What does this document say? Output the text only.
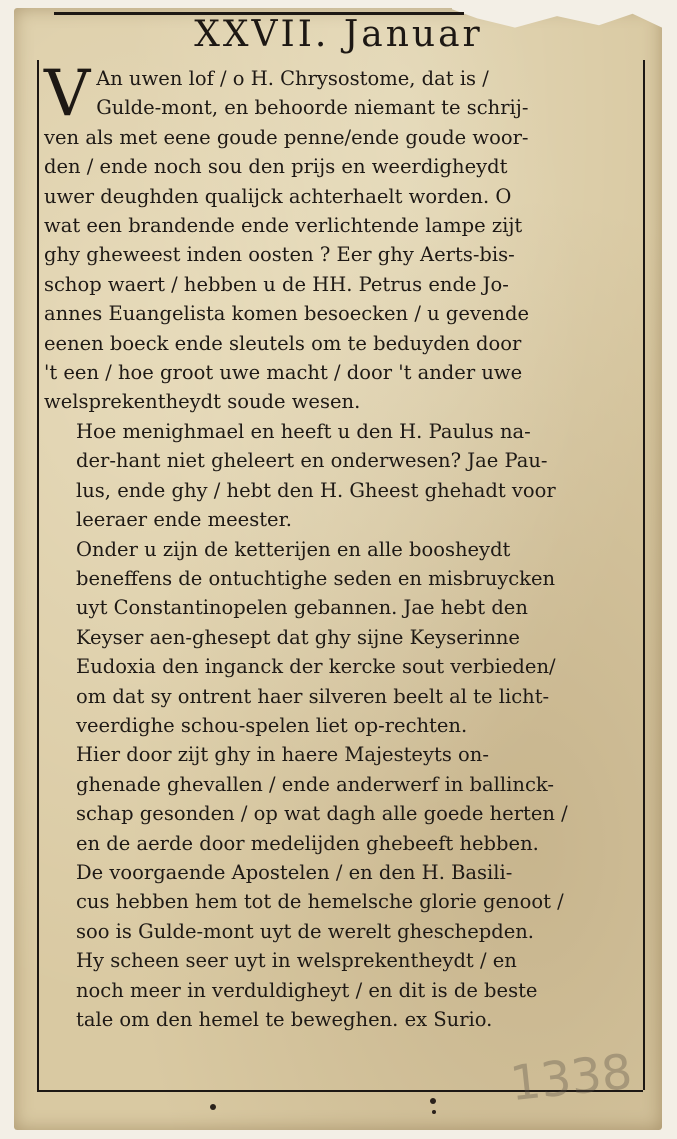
XXVII. Januar
V An uwen lof / o H. Chrysostome, dat is /
Gulde-mont, en behoorde niemant te schrij-
ven als met eene goude penne/ende goude woor-
den / ende noch sou den prijs en weerdigheydt
uwer deughden qualijck achterhaelt worden. O
wat een brandende ende verlichtende lampe zijt
ghy gheweest inden oosten ? Eer ghy Aerts-bis-
schop waert / hebben u de HH. Petrus ende Jo-
annes Euangelista komen besoecken / u gevende
eenen boeck ende sleutels om te beduyden door
't een / hoe groot uwe macht / door 't ander uwe
welsprekentheydt soude wesen.
Hoe menighmael en heeft u den H. Paulus na-
der-hant niet gheleert en onderwesen? Jae Pau-
lus, ende ghy / hebt den H. Gheest ghehadt voor
leeraer ende meester.
Onder u zijn de ketterijen en alle boosheydt
beneffens de ontuchtighe seden en misbruycken
uyt Constantinopelen gebannen. Jae hebt den
Keyser aen-ghesept dat ghy sijne Keyserinne
Eudoxia den inganck der kercke sout verbieden/
om dat sy ontrent haer silveren beelt al te licht-
veerdighe schou-spelen liet op-rechten.
Hier door zijt ghy in haere Majesteyts on-
ghenade ghevallen / ende anderwerf in ballinck-
schap gesonden / op wat dagh alle goede herten /
en de aerde door medelijden ghebeeft hebben.
De voorgaende Apostelen / en den H. Basili-
cus hebben hem tot de hemelsche glorie genoot /
soo is Gulde-mont uyt de werelt gheschepden.
Hy scheen seer uyt in welsprekentheydt / en
noch meer in verduldigheyt / en dit is de beste
tale om den hemel te beweghen. ex Surio.
1338
